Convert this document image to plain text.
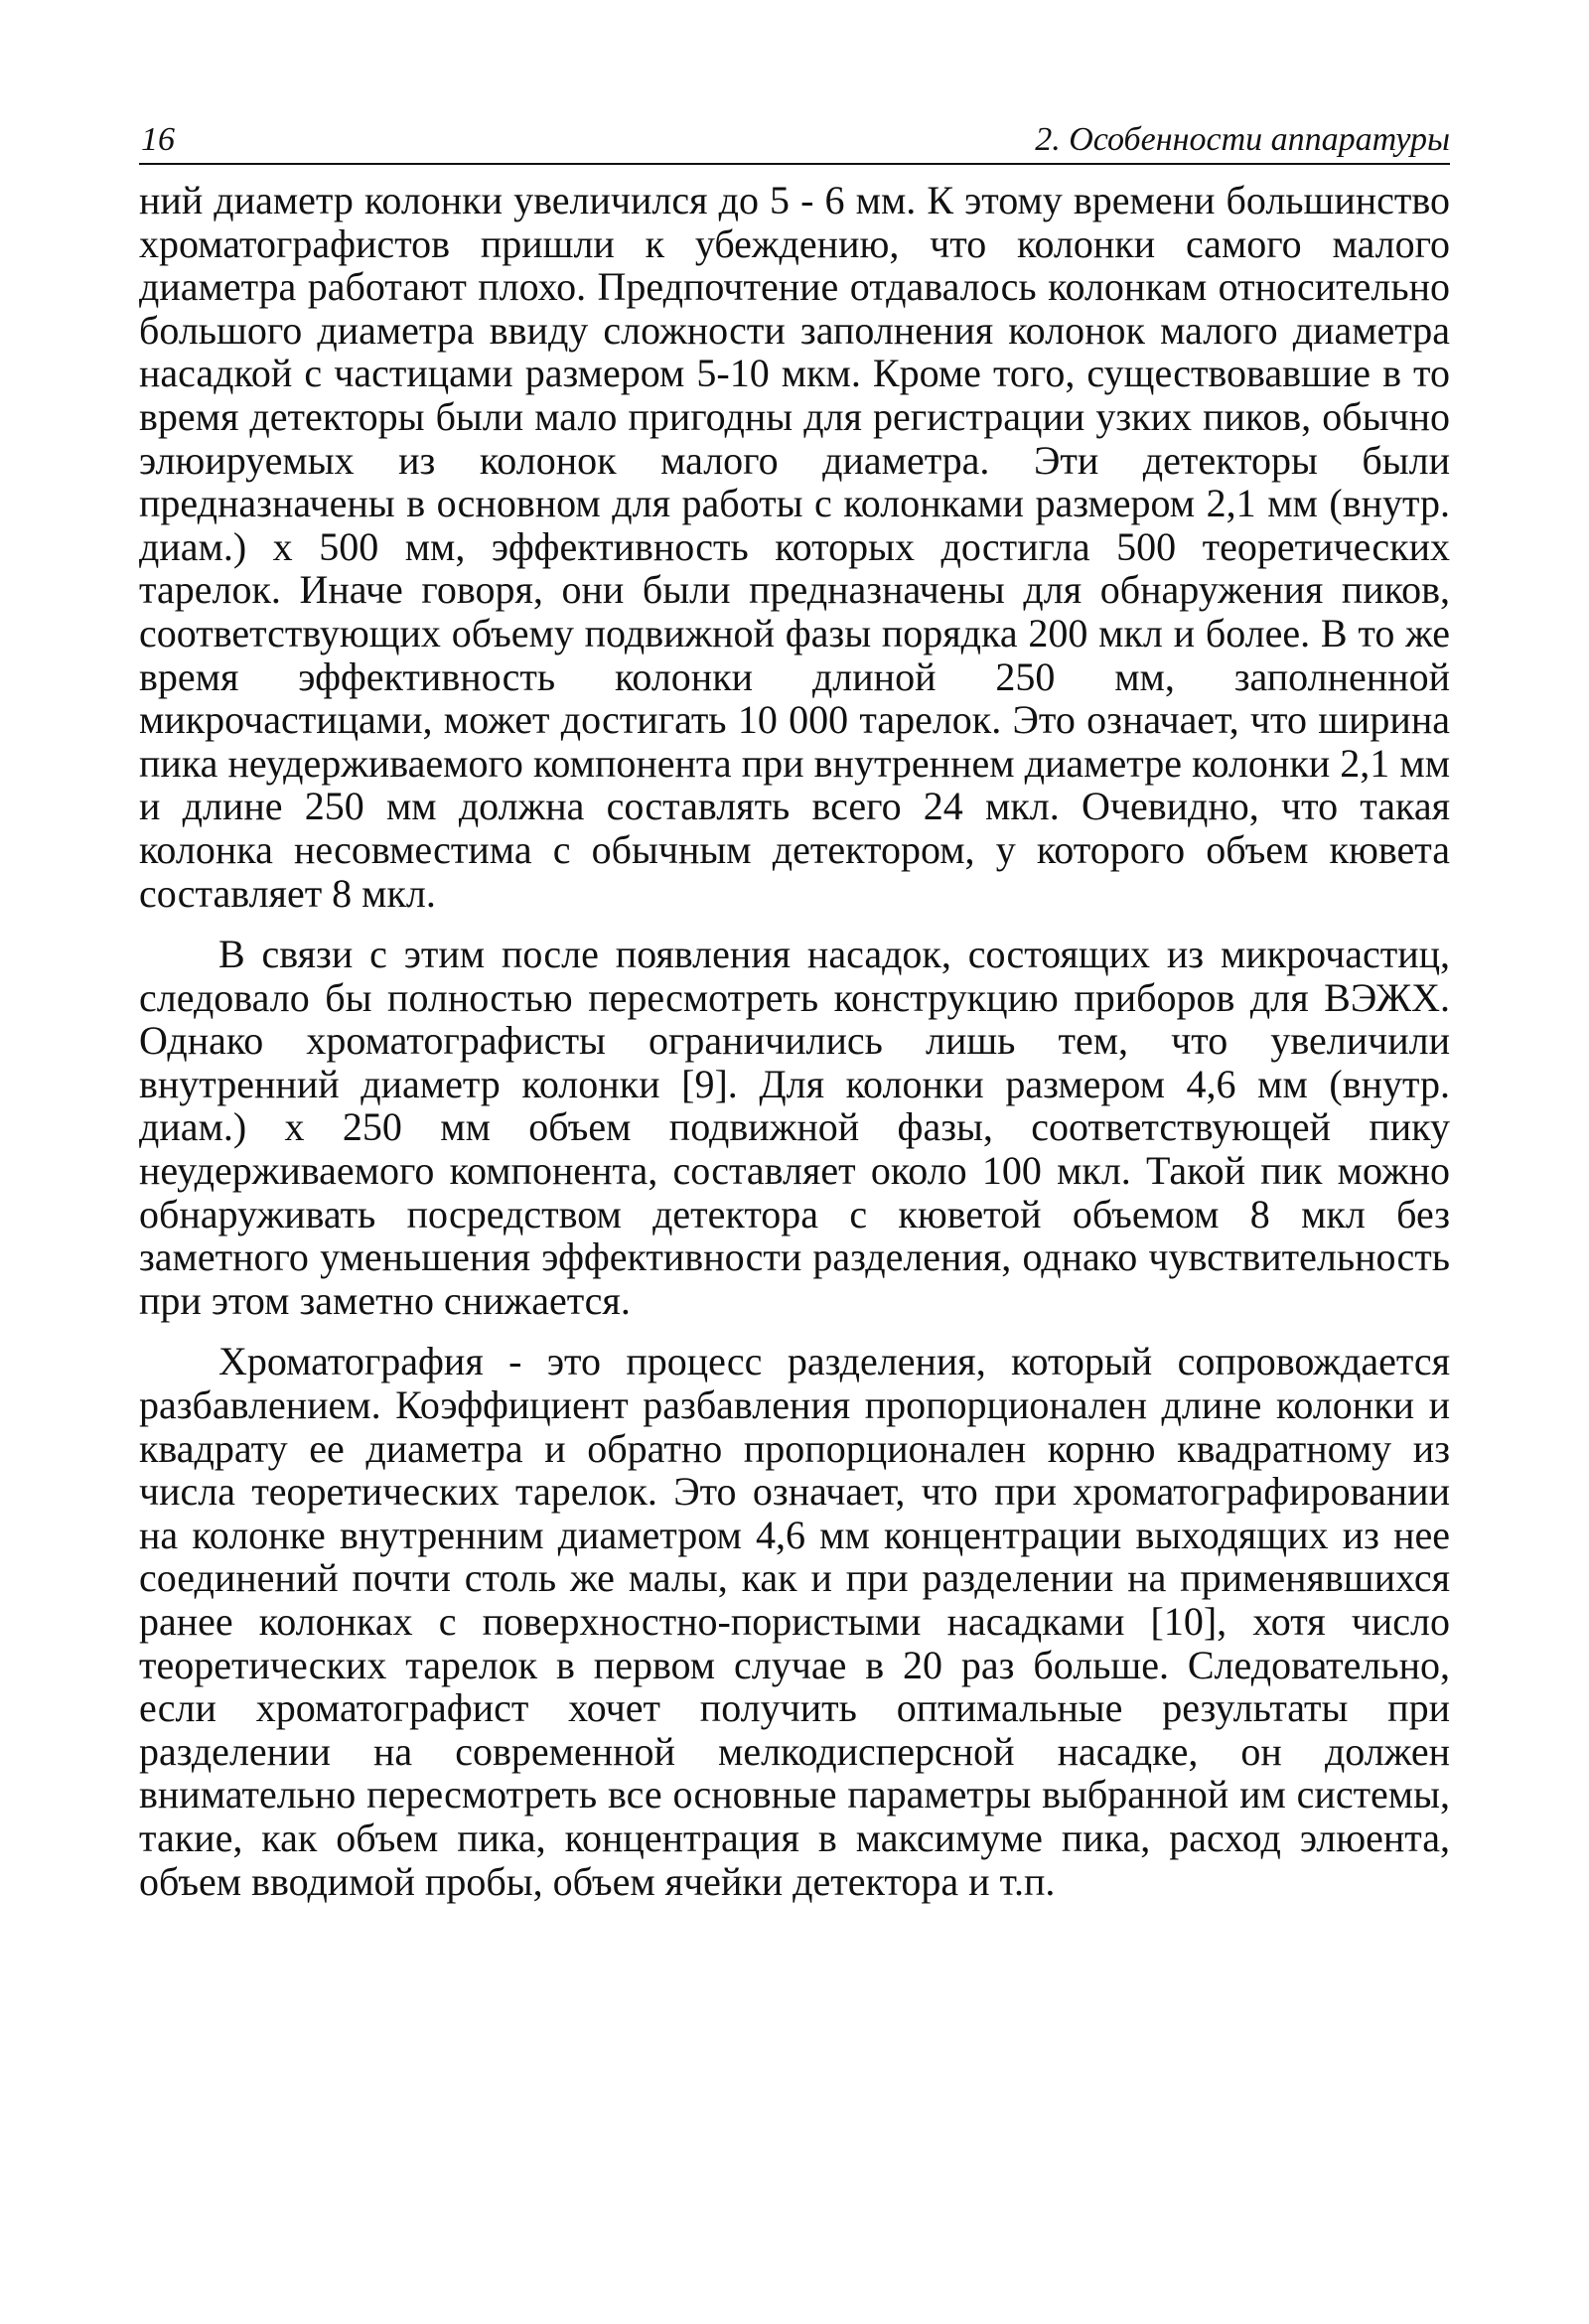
16	2. Особенности аппаратуры

ний диаметр колонки увеличился до 5 - 6 мм. К этому времени большинство хроматографистов пришли к убеждению, что колонки самого малого диаметра работают плохо. Предпочтение отдавалось колонкам относительно большого диаметра ввиду сложности заполнения колонок малого диаметра насадкой с частицами размером 5-10 мкм. Кроме того, существовавшие в то время детекторы были мало пригодны для регистрации узких пиков, обычно элюируемых из колонок малого диаметра. Эти детекторы были предназначены в основном для работы с колонками размером 2,1 мм (внутр. диам.) х 500 мм, эффективность которых достигла 500 теоретических тарелок. Иначе говоря, они были предназначены для обнаружения пиков, соответствующих объему подвижной фазы порядка 200 мкл и более. В то же время эффективность колонки длиной 250 мм, заполненной микрочастицами, может достигать 10 000 тарелок. Это означает, что ширина пика неудерживаемого компонента при внутреннем диаметре колонки 2,1 мм и длине 250 мм должна составлять всего 24 мкл. Очевидно, что такая колонка несовместима с обычным детектором, у которого объем кювета составляет 8 мкл.

В связи с этим после появления насадок, состоящих из микрочастиц, следовало бы полностью пересмотреть конструкцию приборов для ВЭЖХ. Однако хроматографисты ограничились лишь тем, что увеличили внутренний диаметр колонки [9]. Для колонки размером 4,6 мм (внутр. диам.) х 250 мм объем подвижной фазы, соответствующей пику неудерживаемого компонента, составляет около 100 мкл. Такой пик можно обнаруживать посредством детектора с кюветой объемом 8 мкл без заметного уменьшения эффективности разделения, однако чувствительность при этом заметно снижается.

Хроматография - это процесс разделения, который сопровождается разбавлением. Коэффициент разбавления пропорционален длине колонки и квадрату ее диаметра и обратно пропорционален корню квадратному из числа теоретических тарелок. Это означает, что при хроматографировании на колонке внутренним диаметром 4,6 мм концентрации выходящих из нее соединений почти столь же малы, как и при разделении на применявшихся ранее колонках с поверхностно-пористыми насадками [10], хотя число теоретических тарелок в первом случае в 20 раз больше. Следовательно, если хроматографист хочет получить оптимальные результаты при разделении на современной мелкодисперсной насадке, он должен внимательно пересмотреть все основные параметры выбранной им системы, такие, как объем пика, концентрация в максимуме пика, расход элюента, объем вводимой пробы, объем ячейки детектора и т.п.
